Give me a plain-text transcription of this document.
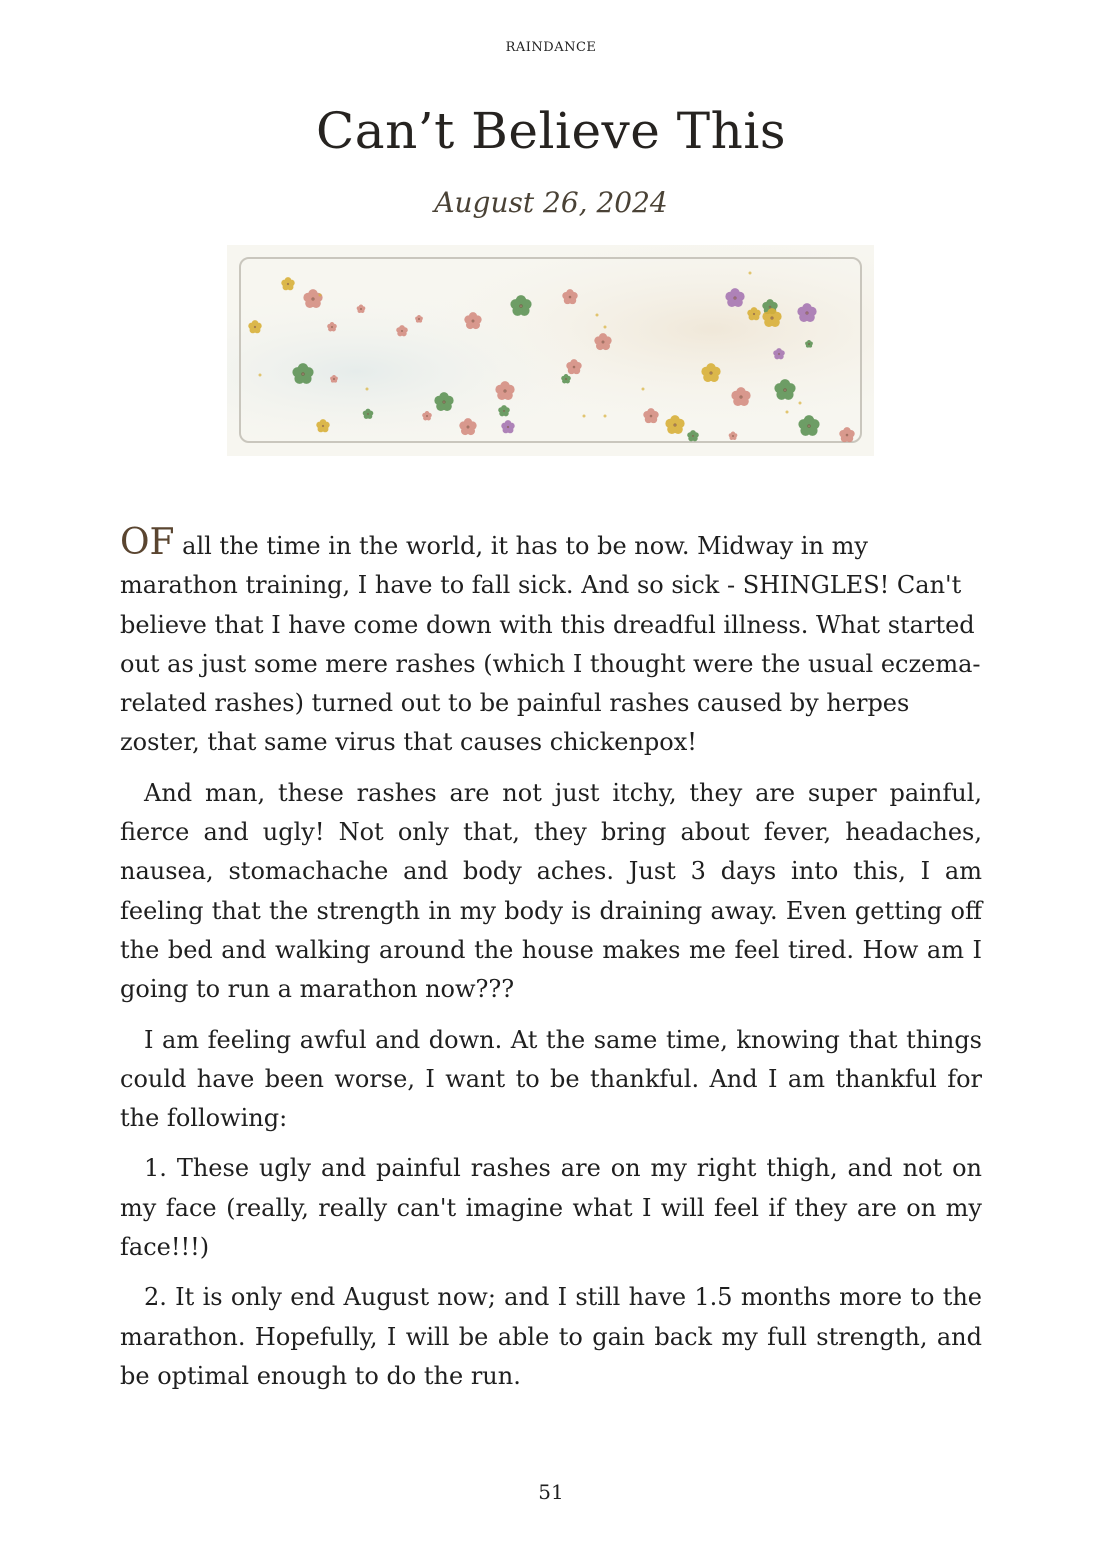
RAINDANCE
Can’t Believe This
August 26, 2024

OF all the time in the world, it has to be now. Midway in my marathon training, I have to fall sick. And so sick - SHINGLES! Can't believe that I have come down with this dreadful illness. What started out as just some mere rashes (which I thought were the usual eczema-related rashes) turned out to be painful rashes caused by herpes zoster, that same virus that causes chickenpox!

And man, these rashes are not just itchy, they are super painful, fierce and ugly! Not only that, they bring about fever, headaches, nausea, stomachache and body aches. Just 3 days into this, I am feeling that the strength in my body is draining away. Even getting off the bed and walking around the house makes me feel tired. How am I going to run a marathon now???

I am feeling awful and down. At the same time, knowing that things could have been worse, I want to be thankful. And I am thankful for the following:

1. These ugly and painful rashes are on my right thigh, and not on my face (really, really can't imagine what I will feel if they are on my face!!!)

2. It is only end August now; and I still have 1.5 months more to the marathon. Hopefully, I will be able to gain back my full strength, and be optimal enough to do the run.

51
